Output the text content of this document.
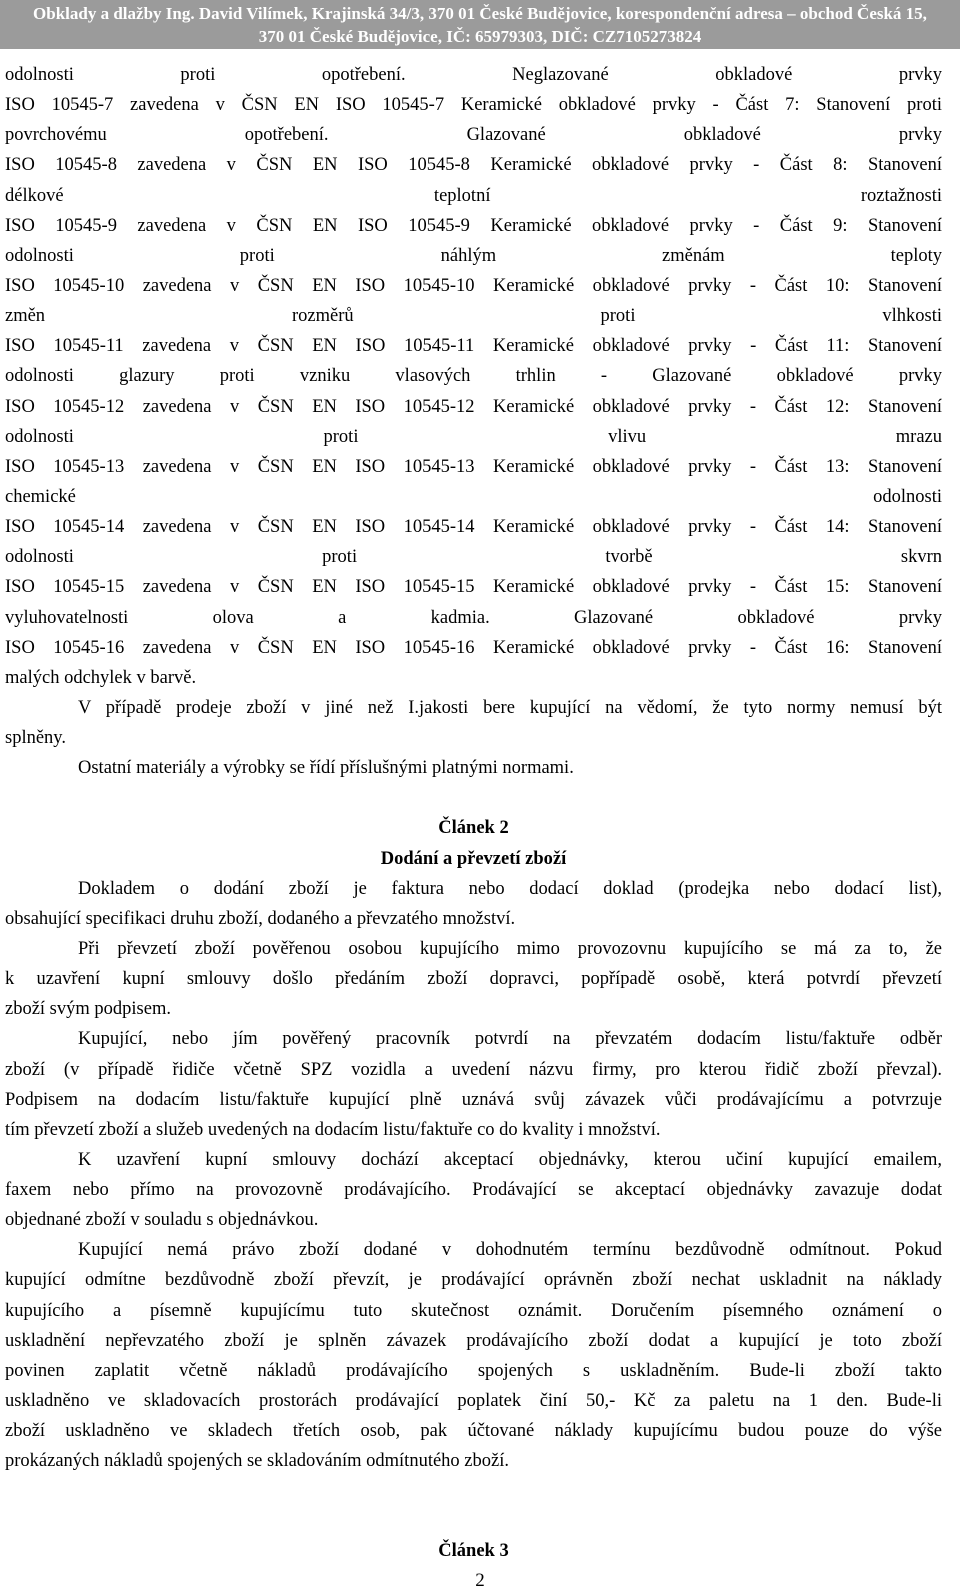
Obklady a dlažby Ing. David Vilímek, Krajinská 34/3, 370 01 České Budějovice, korespondenční adresa – obchod Česká 15,
370 01 České Budějovice, IČ: 65979303, DIČ: CZ7105273824
odolnosti proti opotřebení. Neglazované obkladové prvky
ISO 10545-7 zavedena v ČSN EN ISO 10545-7 Keramické obkladové prvky - Část 7: Stanovení proti
povrchovému opotřebení. Glazované obkladové prvky
ISO 10545-8 zavedena v ČSN EN ISO 10545-8 Keramické obkladové prvky - Část 8: Stanovení
délkové teplotní roztažnosti
ISO 10545-9 zavedena v ČSN EN ISO 10545-9 Keramické obkladové prvky - Část 9: Stanovení
odolnosti proti náhlým změnám teploty
ISO 10545-10 zavedena v ČSN EN ISO 10545-10 Keramické obkladové prvky - Část 10: Stanovení
změn rozměrů proti vlhkosti
ISO 10545-11 zavedena v ČSN EN ISO 10545-11 Keramické obkladové prvky - Část 11: Stanovení
odolnosti glazury proti vzniku vlasových trhlin - Glazované obkladové prvky
ISO 10545-12 zavedena v ČSN EN ISO 10545-12 Keramické obkladové prvky - Část 12: Stanovení
odolnosti proti vlivu mrazu
ISO 10545-13 zavedena v ČSN EN ISO 10545-13 Keramické obkladové prvky - Část 13: Stanovení
chemické odolnosti
ISO 10545-14 zavedena v ČSN EN ISO 10545-14 Keramické obkladové prvky - Část 14: Stanovení
odolnosti proti tvorbě skvrn
ISO 10545-15 zavedena v ČSN EN ISO 10545-15 Keramické obkladové prvky - Část 15: Stanovení
vyluhovatelnosti olova a kadmia. Glazované obkladové prvky
ISO 10545-16 zavedena v ČSN EN ISO 10545-16 Keramické obkladové prvky - Část 16: Stanovení
malých odchylek v barvě.
V případě prodeje zboží v jiné než I.jakosti bere kupující na vědomí, že tyto normy nemusí být
splněny.
Ostatní materiály a výrobky se řídí příslušnými platnými normami.
Článek 2
Dodání a převzetí zboží
Dokladem o dodání zboží je faktura nebo dodací doklad (prodejka nebo dodací list),
obsahující specifikaci druhu zboží, dodaného a převzatého množství.
Při převzetí zboží pověřenou osobou kupujícího mimo provozovnu kupujícího se má za to, že
k uzavření kupní smlouvy došlo předáním zboží dopravci, popřípadě osobě, která potvrdí převzetí
zboží svým podpisem.
Kupující, nebo jím pověřený pracovník potvrdí na převzatém dodacím listu/faktuře odběr
zboží (v případě řidiče včetně SPZ vozidla a uvedení názvu firmy, pro kterou řidič zboží převzal).
Podpisem na dodacím listu/faktuře kupující plně uznává svůj závazek vůči prodávajícímu a potvrzuje
tím převzetí zboží a služeb uvedených na dodacím listu/faktuře co do kvality i množství.
K uzavření kupní smlouvy dochází akceptací objednávky, kterou učiní kupující emailem,
faxem nebo přímo na provozovně prodávajícího. Prodávající se akceptací objednávky zavazuje dodat
objednané zboží v souladu s objednávkou.
Kupující nemá právo zboží dodané v dohodnutém termínu bezdůvodně odmítnout. Pokud
kupující odmítne bezdůvodně zboží převzít, je prodávající oprávněn zboží nechat uskladnit na náklady
kupujícího a písemně kupujícímu tuto skutečnost oznámit. Doručením písemného oznámení o
uskladnění nepřevzatého zboží je splněn závazek prodávajícího zboží dodat a kupující je toto zboží
povinen zaplatit včetně nákladů prodávajícího spojených s uskladněním. Bude-li zboží takto
uskladněno ve skladovacích prostorách prodávající poplatek činí 50,- Kč za paletu na 1 den. Bude-li
zboží uskladněno ve skladech třetích osob, pak účtované náklady kupujícímu budou pouze do výše
prokázaných nákladů spojených se skladováním odmítnutého zboží.
Článek 3
2
